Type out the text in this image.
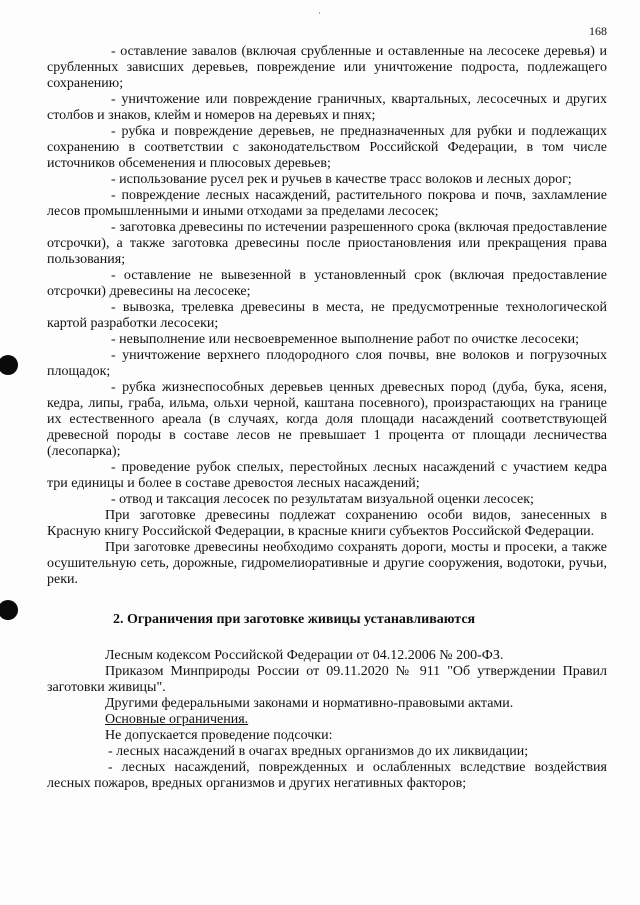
·
168

- оставление завалов (включая срубленные и оставленные на лесосеке деревья) и срубленных зависших деревьев, повреждение или уничтожение подроста, подлежащего сохранению;

- уничтожение или повреждение граничных, квартальных, лесосечных и других столбов и знаков, клейм и номеров на деревьях и пнях;

- рубка и повреждение деревьев, не предназначенных для рубки и подлежащих сохранению в соответствии с законодательством Российской Федерации, в том числе источников обсеменения и плюсовых деревьев;

- использование русел рек и ручьев в качестве трасс волоков и лесных дорог;

- повреждение лесных насаждений, растительного покрова и почв, захламление лесов промышленными и иными отходами за пределами лесосек;

- заготовка древесины по истечении разрешенного срока (включая предоставление отсрочки), а также заготовка древесины после приостановления или прекращения права пользования;

- оставление не вывезенной в установленный срок (включая предоставление отсрочки) древесины на лесосеке;

- вывозка, трелевка древесины в места, не предусмотренные технологической картой разработки лесосеки;

- невыполнение или несвоевременное выполнение работ по очистке лесосеки;

- уничтожение верхнего плодородного слоя почвы, вне волоков и погрузочных площадок;

- рубка жизнеспособных деревьев ценных древесных пород (дуба, бука, ясеня, кедра, липы, граба, ильма, ольхи черной, каштана посевного), произрастающих на границе их естественного ареала (в случаях, когда доля площади насаждений соответствующей древесной породы в составе лесов не превышает 1 процента от площади лесничества (лесопарка);

- проведение рубок спелых, перестойных лесных насаждений с участием кедра три единицы и более в составе древостоя лесных насаждений;

- отвод и таксация лесосек по результатам визуальной оценки лесосек;

При заготовке древесины подлежат сохранению особи видов, занесенных в Красную книгу Российской Федерации, в красные книги субъектов Российской Федерации.

При заготовке древесины необходимо сохранять дороги, мосты и просеки, а также осушительную сеть, дорожные, гидромелиоративные и другие сооружения, водотоки, ручьи, реки.

2. Ограничения при заготовке живицы устанавливаются

Лесным кодексом Российской Федерации от 04.12.2006 № 200-ФЗ.

Приказом Минприроды России от 09.11.2020 № 911 "Об утверждении Правил заготовки живицы".

Другими федеральными законами и нормативно-правовыми актами.

Основные ограничения.

Не допускается проведение подсочки:

- лесных насаждений в очагах вредных организмов до их ликвидации;

- лесных насаждений, поврежденных и ослабленных вследствие воздействия лесных пожаров, вредных организмов и других негативных факторов;
